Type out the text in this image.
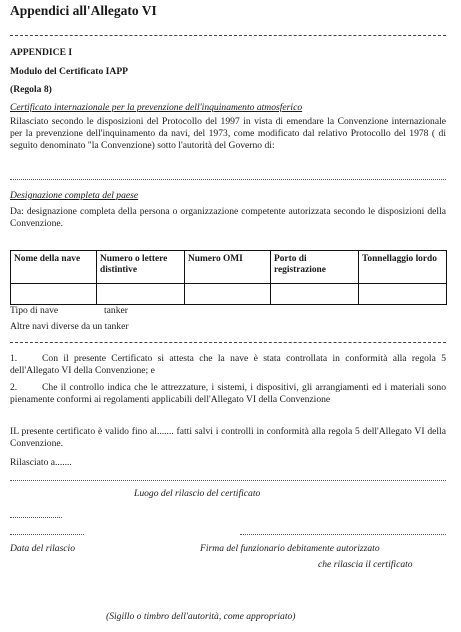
Appendici all'Allegato VI
APPENDICE I
Modulo del Certificato IAPP
(Regola 8)
Certificato internazionale per la prevenzione dell'inquinamento atmosferico
Rilasciato secondo le disposizioni del Protocollo del 1997 in vista di emendare la Convenzione internazionale per la prevenzione dell'inquinamento da navi, del 1973, come modificato dal relativo Protocollo del 1978 ( di seguito denominato "la Convenzione) sotto l'autorità del Governo di:
Designazione completa del paese
Da: designazione completa della persona o organizzazione competente autorizzata secondo le disposizioni della Convenzione.
Nome della nave	Numero o lettere distintive	Numero OMI	Porto di registrazione	Tonnellaggio lordo

Tipo di nave	tanker
Altre navi diverse da un tanker
1.	Con il presente Certificato si attesta che la nave è stata controllata in conformità alla regola 5 dell'Allegato VI della Convenzione; e
2.	Che il controllo indica che le attrezzature, i sistemi, i dispositivi, gli arrangiamenti ed i materiali sono pienamente conformi ai regolamenti applicabili dell'Allegato VI della Convenzione
IL presente certificato è valido fino al....... fatti salvi i controlli in conformità alla regola 5 dell'Allegato VI della Convenzione.
Rilasciato a.......
Luogo del rilascio del certificato
Data del rilascio	Firma del funzionario debitamente autorizzato
che rilascia il certificato
(Sigillo o timbro dell'autorità, come appropriato)
